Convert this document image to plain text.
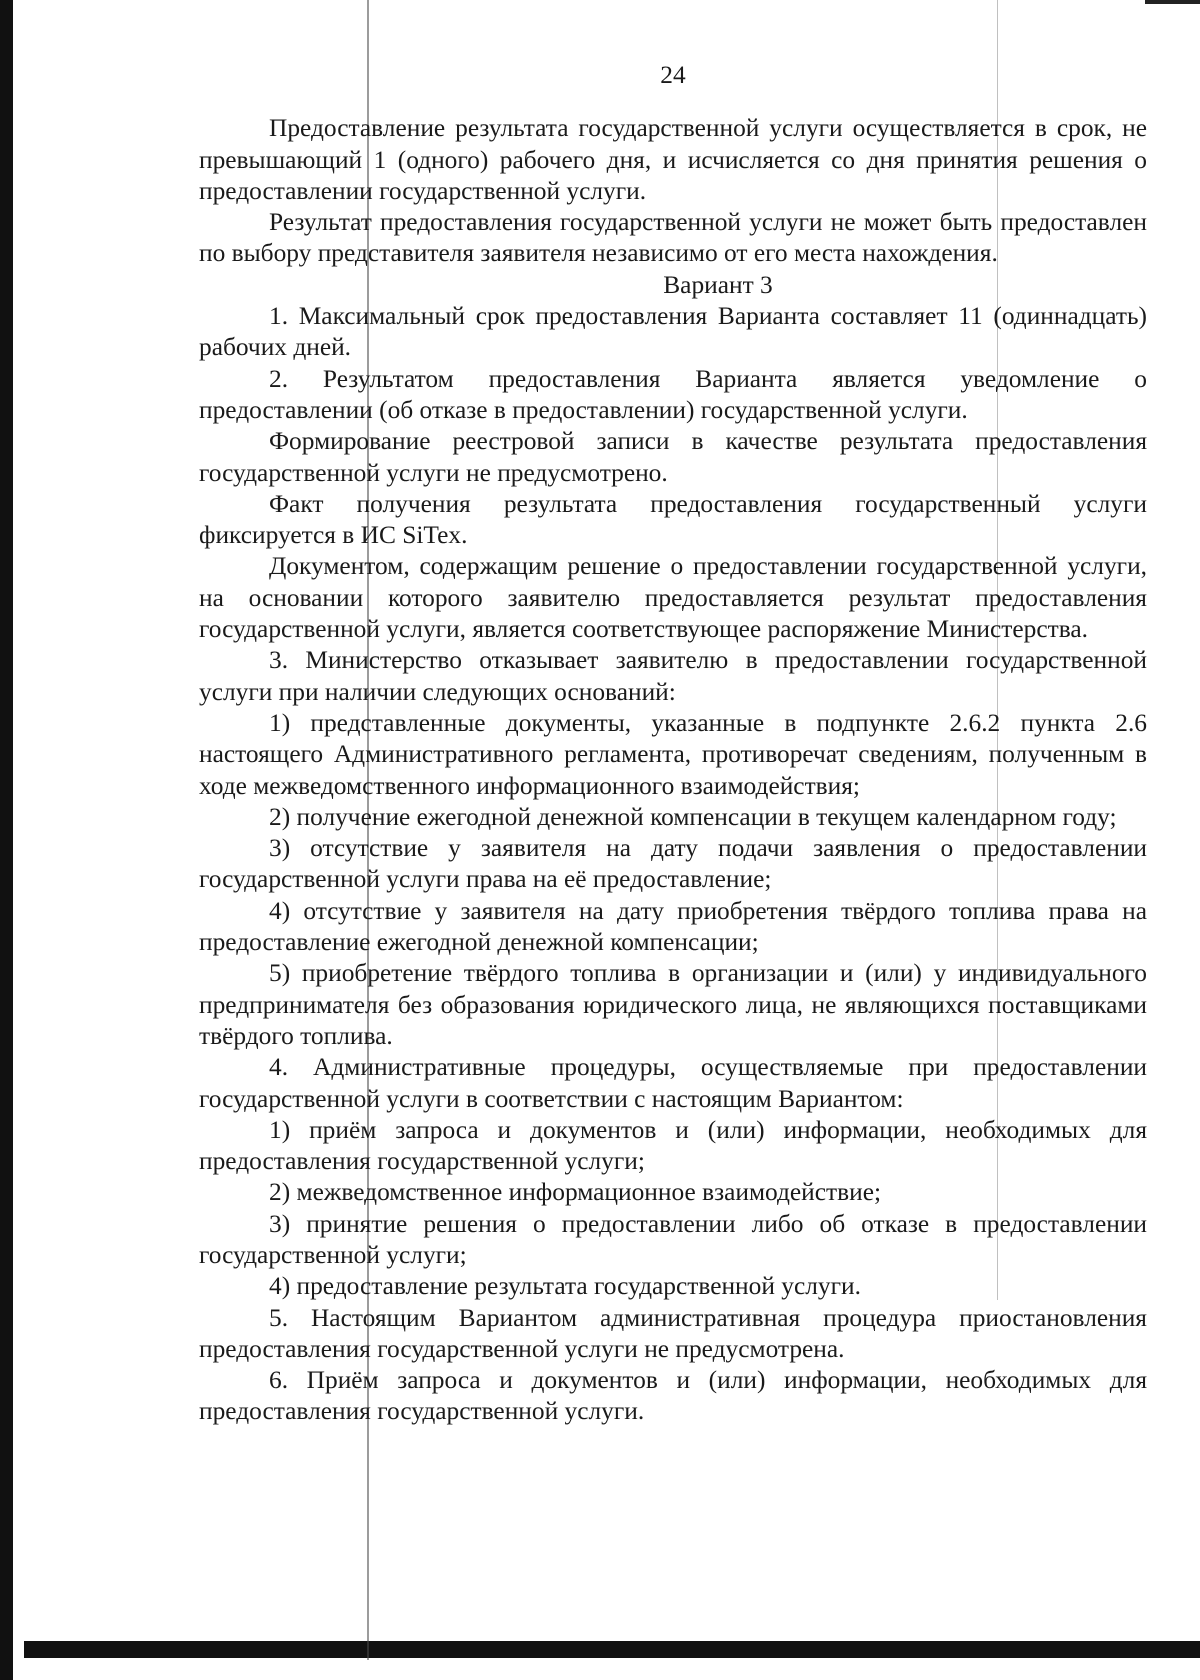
24

Предоставление результата государственной услуги осуществляется в срок, не превышающий 1 (одного) рабочего дня, и исчисляется со дня принятия решения о предоставлении государственной услуги.

Результат предоставления государственной услуги не может быть предоставлен по выбору представителя заявителя независимо от его места нахождения.

Вариант 3

1. Максимальный срок предоставления Варианта составляет 11 (одиннадцать) рабочих дней.

2. Результатом предоставления Варианта является уведомление о предоставлении (об отказе в предоставлении) государственной услуги.

Формирование реестровой записи в качестве результата предоставления государственной услуги не предусмотрено.

Факт получения результата предоставления государственный услуги фиксируется в ИС SiTex.

Документом, содержащим решение о предоставлении государственной услуги, на основании которого заявителю предоставляется результат предоставления государственной услуги, является соответствующее распоряжение Министерства.

3. Министерство отказывает заявителю в предоставлении государственной услуги при наличии следующих оснований:

1) представленные документы, указанные в подпункте 2.6.2 пункта 2.6 настоящего Административного регламента, противоречат сведениям, полученным в ходе межведомственного информационного взаимодействия;

2) получение ежегодной денежной компенсации в текущем календарном году;

3) отсутствие у заявителя на дату подачи заявления о предоставлении государственной услуги права на её предоставление;

4) отсутствие у заявителя на дату приобретения твёрдого топлива права на предоставление ежегодной денежной компенсации;

5) приобретение твёрдого топлива в организации и (или) у индивидуального предпринимателя без образования юридического лица, не являющихся поставщиками твёрдого топлива.

4. Административные процедуры, осуществляемые при предоставлении государственной услуги в соответствии с настоящим Вариантом:

1) приём запроса и документов и (или) информации, необходимых для предоставления государственной услуги;

2) межведомственное информационное взаимодействие;

3) принятие решения о предоставлении либо об отказе в предоставлении государственной услуги;

4) предоставление результата государственной услуги.

5. Настоящим Вариантом административная процедура приостановления предоставления государственной услуги не предусмотрена.

6. Приём запроса и документов и (или) информации, необходимых для предоставления государственной услуги.
